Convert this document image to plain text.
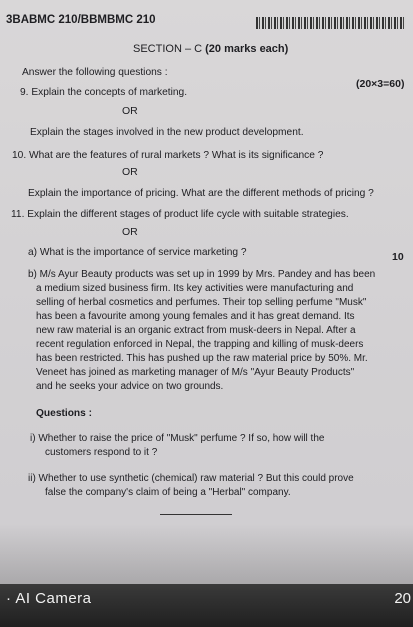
3BABMC 210/BBMBMC 210
SECTION – C (20 marks each)
Answer the following questions :
(20×3=60)
9. Explain the concepts of marketing.
OR
Explain the stages involved in the new product development.
10. What are the features of rural markets ? What is its significance ?
OR
Explain the importance of pricing. What are the different methods of pricing ?
11. Explain the different stages of product life cycle with suitable strategies.
OR
a) What is the importance of service marketing ?	10
b) M/s Ayur Beauty products was set up in 1999 by Mrs. Pandey and has been
a medium sized business firm. Its key activities were manufacturing and
selling of herbal cosmetics and perfumes. Their top selling perfume "Musk"
has been a favourite among young females and it has great demand. Its
new raw material is an organic extract from musk-deers in Nepal. After a
recent regulation enforced in Nepal, the trapping and killing of musk-deers
has been restricted. This has pushed up the raw material price by 50%. Mr.
Veneet has joined as marketing manager of M/s "Ayur Beauty Products"
and he seeks your advice on two grounds.
Questions :
i) Whether to raise the price of "Musk" perfume ? If so, how will the
customers respond to it ?
ii) Whether to use synthetic (chemical) raw material ? But this could prove
false the company's claim of being a "Herbal" company.
· AI Camera	20
